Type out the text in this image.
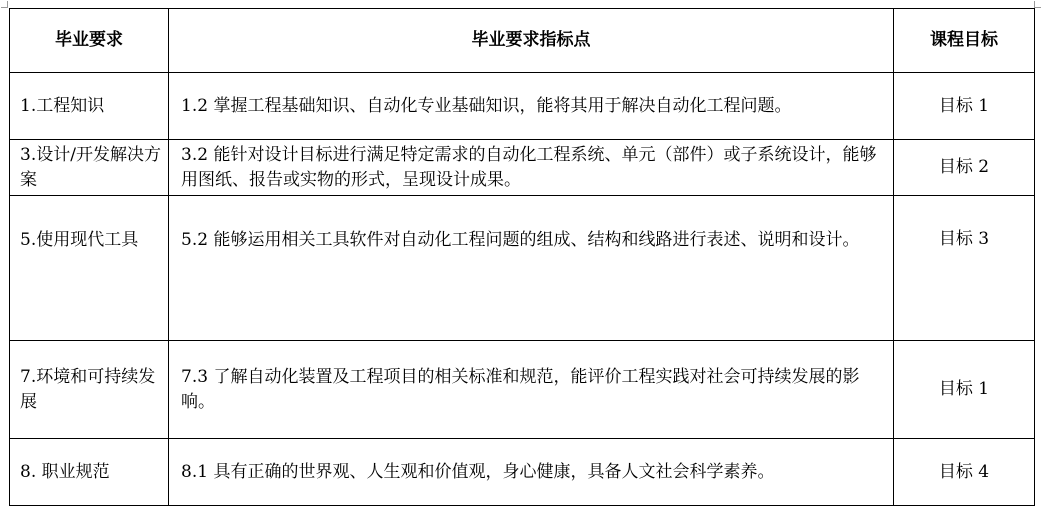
毕业要求	毕业要求指标点	课程目标
1.工程知识	1.2 掌握工程基础知识、自动化专业基础知识，能将其用于解决自动化工程问题。	目标 1
3.设计/开发解决方案	3.2 能针对设计目标进行满足特定需求的自动化工程系统、单元（部件）或子系统设计，能够用图纸、报告或实物的形式，呈现设计成果。	目标 2
5.使用现代工具	5.2 能够运用相关工具软件对自动化工程问题的组成、结构和线路进行表述、说明和设计。	目标 3
7.环境和可持续发展	7.3 了解自动化装置及工程项目的相关标准和规范，能评价工程实践对社会可持续发展的影响。	目标 1
8. 职业规范	8.1 具有正确的世界观、人生观和价值观，身心健康，具备人文社会科学素养。	目标 4
